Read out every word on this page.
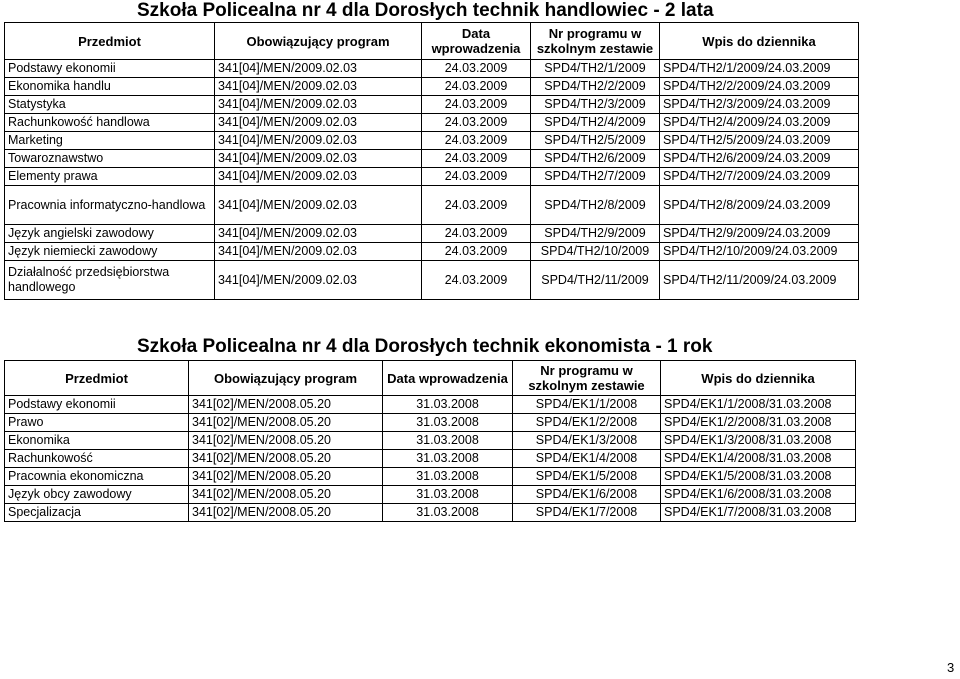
Szkoła Policealna nr 4 dla Dorosłych technik handlowiec - 2 lata
Przedmiot	Obowiązujący program	Data wprowadzenia	Nr programu w szkolnym zestawie	Wpis do dziennika
Podstawy ekonomii	341[04]/MEN/2009.02.03	24.03.2009	SPD4/TH2/1/2009	SPD4/TH2/1/2009/24.03.2009
Ekonomika handlu	341[04]/MEN/2009.02.03	24.03.2009	SPD4/TH2/2/2009	SPD4/TH2/2/2009/24.03.2009
Statystyka	341[04]/MEN/2009.02.03	24.03.2009	SPD4/TH2/3/2009	SPD4/TH2/3/2009/24.03.2009
Rachunkowość handlowa	341[04]/MEN/2009.02.03	24.03.2009	SPD4/TH2/4/2009	SPD4/TH2/4/2009/24.03.2009
Marketing	341[04]/MEN/2009.02.03	24.03.2009	SPD4/TH2/5/2009	SPD4/TH2/5/2009/24.03.2009
Towaroznawstwo	341[04]/MEN/2009.02.03	24.03.2009	SPD4/TH2/6/2009	SPD4/TH2/6/2009/24.03.2009
Elementy prawa	341[04]/MEN/2009.02.03	24.03.2009	SPD4/TH2/7/2009	SPD4/TH2/7/2009/24.03.2009
Pracownia informatyczno-handlowa	341[04]/MEN/2009.02.03	24.03.2009	SPD4/TH2/8/2009	SPD4/TH2/8/2009/24.03.2009
Język angielski zawodowy	341[04]/MEN/2009.02.03	24.03.2009	SPD4/TH2/9/2009	SPD4/TH2/9/2009/24.03.2009
Język niemiecki zawodowy	341[04]/MEN/2009.02.03	24.03.2009	SPD4/TH2/10/2009	SPD4/TH2/10/2009/24.03.2009
Działalność przedsiębiorstwa handlowego	341[04]/MEN/2009.02.03	24.03.2009	SPD4/TH2/11/2009	SPD4/TH2/11/2009/24.03.2009
Szkoła Policealna nr 4 dla Dorosłych technik ekonomista - 1 rok
Przedmiot	Obowiązujący program	Data wprowadzenia	Nr programu w szkolnym zestawie	Wpis do dziennika
Podstawy ekonomii	341[02]/MEN/2008.05.20	31.03.2008	SPD4/EK1/1/2008	SPD4/EK1/1/2008/31.03.2008
Prawo	341[02]/MEN/2008.05.20	31.03.2008	SPD4/EK1/2/2008	SPD4/EK1/2/2008/31.03.2008
Ekonomika	341[02]/MEN/2008.05.20	31.03.2008	SPD4/EK1/3/2008	SPD4/EK1/3/2008/31.03.2008
Rachunkowość	341[02]/MEN/2008.05.20	31.03.2008	SPD4/EK1/4/2008	SPD4/EK1/4/2008/31.03.2008
Pracownia ekonomiczna	341[02]/MEN/2008.05.20	31.03.2008	SPD4/EK1/5/2008	SPD4/EK1/5/2008/31.03.2008
Język obcy zawodowy	341[02]/MEN/2008.05.20	31.03.2008	SPD4/EK1/6/2008	SPD4/EK1/6/2008/31.03.2008
Specjalizacja	341[02]/MEN/2008.05.20	31.03.2008	SPD4/EK1/7/2008	SPD4/EK1/7/2008/31.03.2008
3
